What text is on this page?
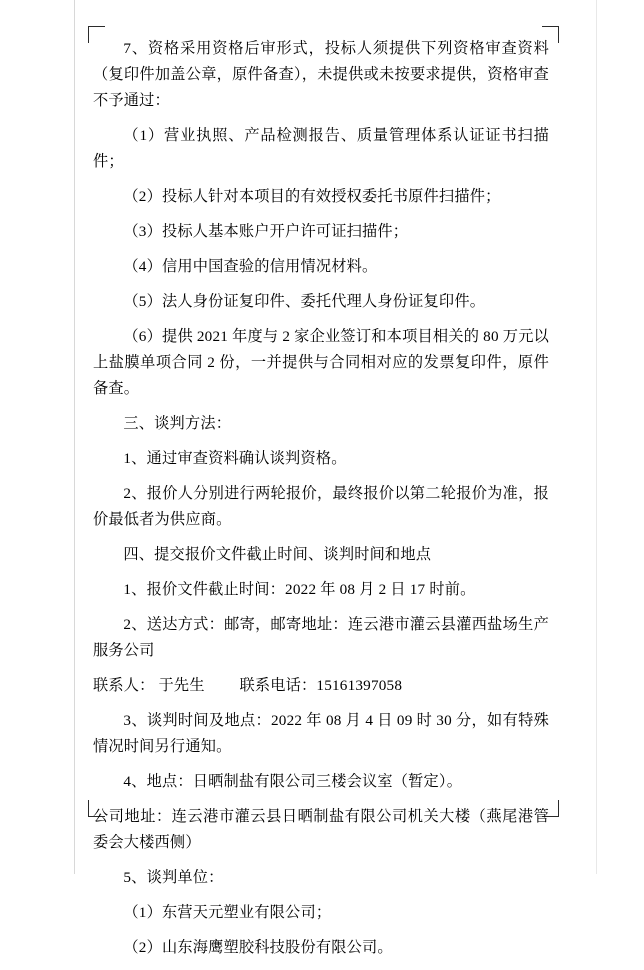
7、资格采用资格后审形式，投标人须提供下列资格审查资料（复印件加盖公章，原件备查），未提供或未按要求提供，资格审查不予通过：

（1）营业执照、产品检测报告、质量管理体系认证证书扫描件；

（2）投标人针对本项目的有效授权委托书原件扫描件；

（3）投标人基本账户开户许可证扫描件；

（4）信用中国查验的信用情况材料。

（5）法人身份证复印件、委托代理人身份证复印件。

（6）提供 2021 年度与 2 家企业签订和本项目相关的 80 万元以上盐膜单项合同 2 份，一并提供与合同相对应的发票复印件，原件备查。

三、谈判方法：

1、通过审查资料确认谈判资格。

2、报价人分别进行两轮报价，最终报价以第二轮报价为准，报价最低者为供应商。

四、提交报价文件截止时间、谈判时间和地点

1、报价文件截止时间：2022 年 08 月 2 日 17 时前。

2、送达方式：邮寄，邮寄地址：连云港市灌云县灌西盐场生产服务公司

联系人： 于先生　　 联系电话：15161397058

3、谈判时间及地点：2022 年 08 月 4 日 09 时 30 分，如有特殊情况时间另行通知。

4、地点：日晒制盐有限公司三楼会议室（暂定）。

公司地址：连云港市灌云县日晒制盐有限公司机关大楼（燕尾港管委会大楼西侧）

5、谈判单位：

（1）东营天元塑业有限公司；

（2）山东海鹰塑胶科技股份有限公司。
